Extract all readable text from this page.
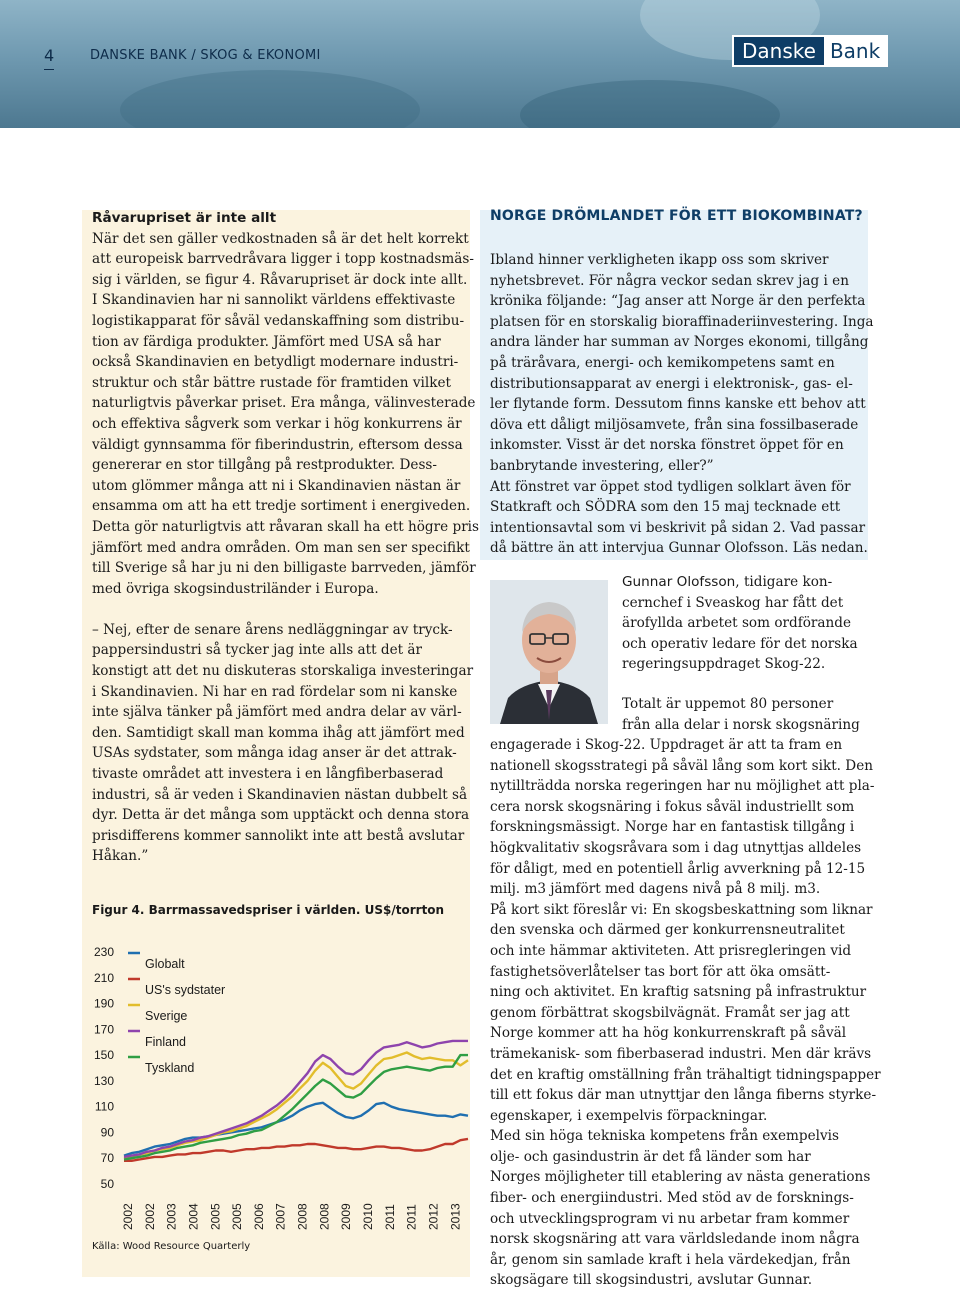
4	DANSKE BANK / SKOG & EKONOMI	Danske Bank
Råvarupriset är inte allt
När det sen gäller vedkostnaden så är det helt korrekt
att europeisk barrvedråvara ligger i topp kostnadsmäs-
sig i världen, se figur 4. Råvarupriset är dock inte allt.
I Skandinavien har ni sannolikt världens effektivaste
logistikapparat för såväl vedanskaffning som distribu-
tion av färdiga produkter. Jämfört med USA så har
också Skandinavien en betydligt modernare industri-
struktur och står bättre rustade för framtiden vilket
naturligtvis påverkar priset. Era många, välinvesterade
och effektiva sågverk som verkar i hög konkurrens är
väldigt gynnsamma för fiberindustrin, eftersom dessa
genererar en stor tillgång på restprodukter. Dess-
utom glömmer många att ni i Skandinavien nästan är
ensamma om att ha ett tredje sortiment i energiveden.
Detta gör naturligtvis att råvaran skall ha ett högre pris
jämfört med andra områden. Om man sen ser specifikt
till Sverige så har ju ni den billigaste barrveden, jämför
med övriga skogsindustriländer i Europa.

– Nej, efter de senare årens nedläggningar av tryck-
pappersindustri så tycker jag inte alls att det är
konstigt att det nu diskuteras storskaliga investeringar
i Skandinavien. Ni har en rad fördelar som ni kanske
inte själva tänker på jämfört med andra delar av värl-
den. Samtidigt skall man komma ihåg att jämfört med
USAs sydstater, som många idag anser är det attrak-
tivaste området att investera i en långfiberbaserad
industri, så är veden i Skandinavien nästan dubbelt så
dyr. Detta är det många som upptäckt och denna stora
prisdifferens kommer sannolikt inte att bestå avslutar
Håkan.”
Figur 4. Barrmassavedspriser i världen. US$/torrton
230
210
190
170
150
130
110
90
70
50
Globalt
US's sydstater
Sverige
Finland
Tyskland
2002 2002 2003 2004 2005 2005 2006 2007 2008 2008 2009 2010 2011 2011 2012 2013
Källa: Wood Resource Quarterly
NORGE DRÖMLANDET FÖR ETT BIOKOMBINAT?
Ibland hinner verkligheten ikapp oss som skriver
nyhetsbrevet. För några veckor sedan skrev jag i en
krönika följande: “Jag anser att Norge är den perfekta
platsen för en storskalig bioraffinaderiinvestering. Inga
andra länder har summan av Norges ekonomi, tillgång
på träråvara, energi- och kemikompetens samt en
distributionsapparat av energi i elektronisk-, gas- el-
ler flytande form. Dessutom finns kanske ett behov att
döva ett dåligt miljösamvete, från sina fossilbaserade
inkomster. Visst är det norska fönstret öppet för en
banbrytande investering, eller?”
Att fönstret var öppet stod tydligen solklart även för
Statkraft och SÖDRA som den 15 maj tecknade ett
intentionsavtal som vi beskrivit på sidan 2. Vad passar
då bättre än att intervjua Gunnar Olofsson. Läs nedan.
Gunnar Olofsson, tidigare kon-
cernchef i Sveaskog har fått det
ärofyllda arbetet som ordförande
och operativ ledare för det norska
regeringsuppdraget Skog-22.
Totalt är uppemot 80 personer
från alla delar i norsk skogsnäring
engagerade i Skog-22. Uppdraget är att ta fram en
nationell skogsstrategi på såväl lång som kort sikt. Den
nytillträdda norska regeringen har nu möjlighet att pla-
cera norsk skogsnäring i fokus såväl industriellt som
forskningsmässigt. Norge har en fantastisk tillgång i
högkvalitativ skogsråvara som i dag utnyttjas alldeles
för dåligt, med en potentiell årlig avverkning på 12-15
milj. m3 jämfört med dagens nivå på 8 milj. m3.
På kort sikt föreslår vi: En skogsbeskattning som liknar
den svenska och därmed ger konkurrensneutralitet
och inte hämmar aktiviteten. Att prisregleringen vid
fastighetsöverlåtelser tas bort för att öka omsätt-
ning och aktivitet. En kraftig satsning på infrastruktur
genom förbättrat skogsbilvägnät. Framåt ser jag att
Norge kommer att ha hög konkurrenskraft på såväl
trämekanisk- som fiberbaserad industri. Men där krävs
det en kraftig omställning från trähaltigt tidningspapper
till ett fokus där man utnyttjar den långa fiberns styrke-
egenskaper, i exempelvis förpackningar.
Med sin höga tekniska kompetens från exempelvis
olje- och gasindustrin är det få länder som har
Norges möjligheter till etablering av nästa generations
fiber- och energiindustri. Med stöd av de forsknings-
och utvecklingsprogram vi nu arbetar fram kommer
norsk skogsnäring att vara världsledande inom några
år, genom sin samlade kraft i hela värdekedjan, från
skogsägare till skogsindustri, avslutar Gunnar.
